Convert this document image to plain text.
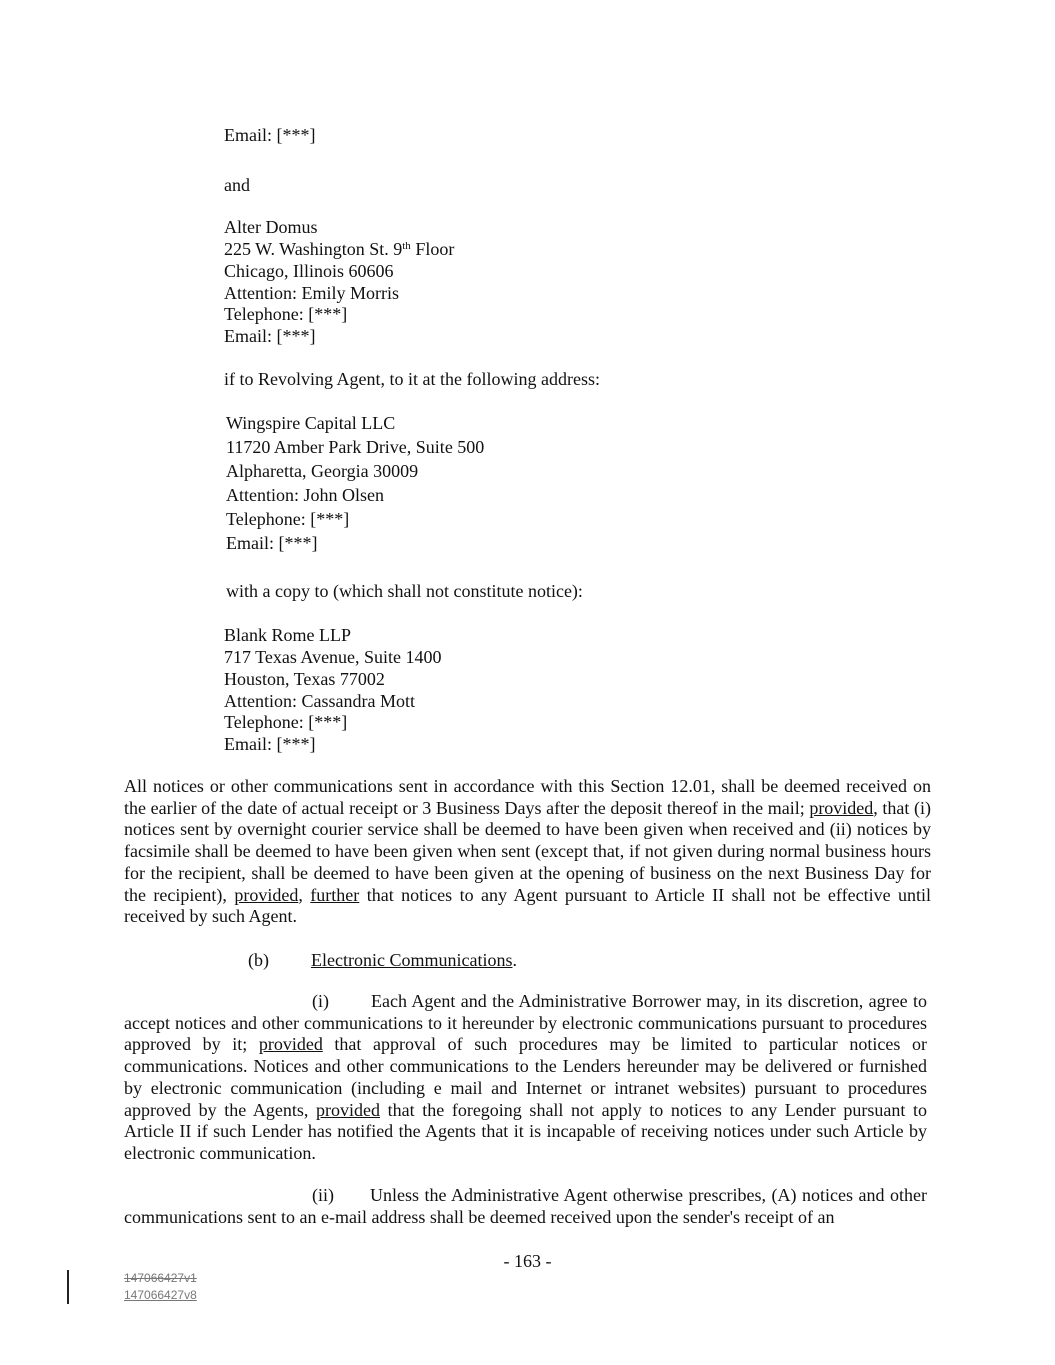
Email: [***]
and
Alter Domus
225 W. Washington St. 9th Floor
Chicago, Illinois 60606
Attention: Emily Morris
Telephone: [***]
Email: [***]
if to Revolving Agent, to it at the following address:
Wingspire Capital LLC
11720 Amber Park Drive, Suite 500
Alpharetta, Georgia 30009
Attention: John Olsen
Telephone: [***]
Email: [***]
with a copy to (which shall not constitute notice):
Blank Rome LLP
717 Texas Avenue, Suite 1400
Houston, Texas 77002
Attention: Cassandra Mott
Telephone: [***]
Email: [***]
All notices or other communications sent in accordance with this Section 12.01, shall be deemed received on the earlier of the date of actual receipt or 3 Business Days after the deposit thereof in the mail; provided, that (i) notices sent by overnight courier service shall be deemed to have been given when received and (ii) notices by facsimile shall be deemed to have been given when sent (except that, if not given during normal business hours for the recipient, shall be deemed to have been given at the opening of business on the next Business Day for the recipient), provided, further that notices to any Agent pursuant to Article II shall not be effective until received by such Agent.
(b) Electronic Communications.
(i) Each Agent and the Administrative Borrower may, in its discretion, agree to accept notices and other communications to it hereunder by electronic communications pursuant to procedures approved by it; provided that approval of such procedures may be limited to particular notices or communications. Notices and other communications to the Lenders hereunder may be delivered or furnished by electronic communication (including e mail and Internet or intranet websites) pursuant to procedures approved by the Agents, provided that the foregoing shall not apply to notices to any Lender pursuant to Article II if such Lender has notified the Agents that it is incapable of receiving notices under such Article by electronic communication.
(ii) Unless the Administrative Agent otherwise prescribes, (A) notices and other communications sent to an e-mail address shall be deemed received upon the sender's receipt of an
- 163 -
147066427v1
147066427v8
